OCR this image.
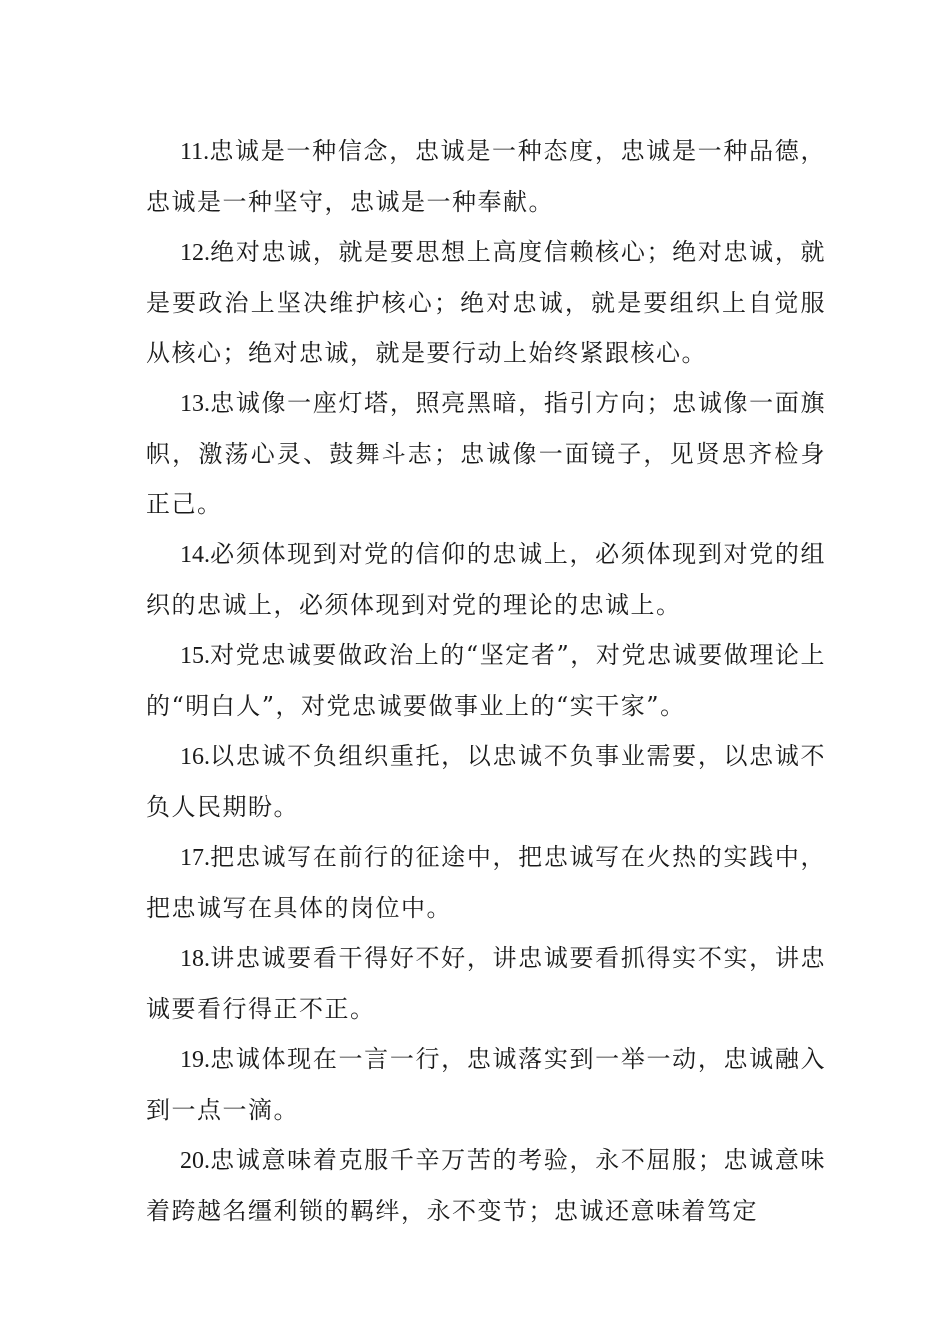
11.忠诚是一种信念，忠诚是一种态度，忠诚是一种品德，忠诚是一种坚守，忠诚是一种奉献。

12.绝对忠诚，就是要思想上高度信赖核心；绝对忠诚，就是要政治上坚决维护核心；绝对忠诚，就是要组织上自觉服从核心；绝对忠诚，就是要行动上始终紧跟核心。

13.忠诚像一座灯塔，照亮黑暗，指引方向；忠诚像一面旗帜，激荡心灵、鼓舞斗志；忠诚像一面镜子，见贤思齐检身正己。

14.必须体现到对党的信仰的忠诚上，必须体现到对党的组织的忠诚上，必须体现到对党的理论的忠诚上。

15.对党忠诚要做政治上的“坚定者”，对党忠诚要做理论上的“明白人”，对党忠诚要做事业上的“实干家”。

16.以忠诚不负组织重托，以忠诚不负事业需要，以忠诚不负人民期盼。

17.把忠诚写在前行的征途中，把忠诚写在火热的实践中，把忠诚写在具体的岗位中。

18.讲忠诚要看干得好不好，讲忠诚要看抓得实不实，讲忠诚要看行得正不正。

19.忠诚体现在一言一行，忠诚落实到一举一动，忠诚融入到一点一滴。

20.忠诚意味着克服千辛万苦的考验，永不屈服；忠诚意味着跨越名缰利锁的羁绊，永不变节；忠诚还意味着笃定
